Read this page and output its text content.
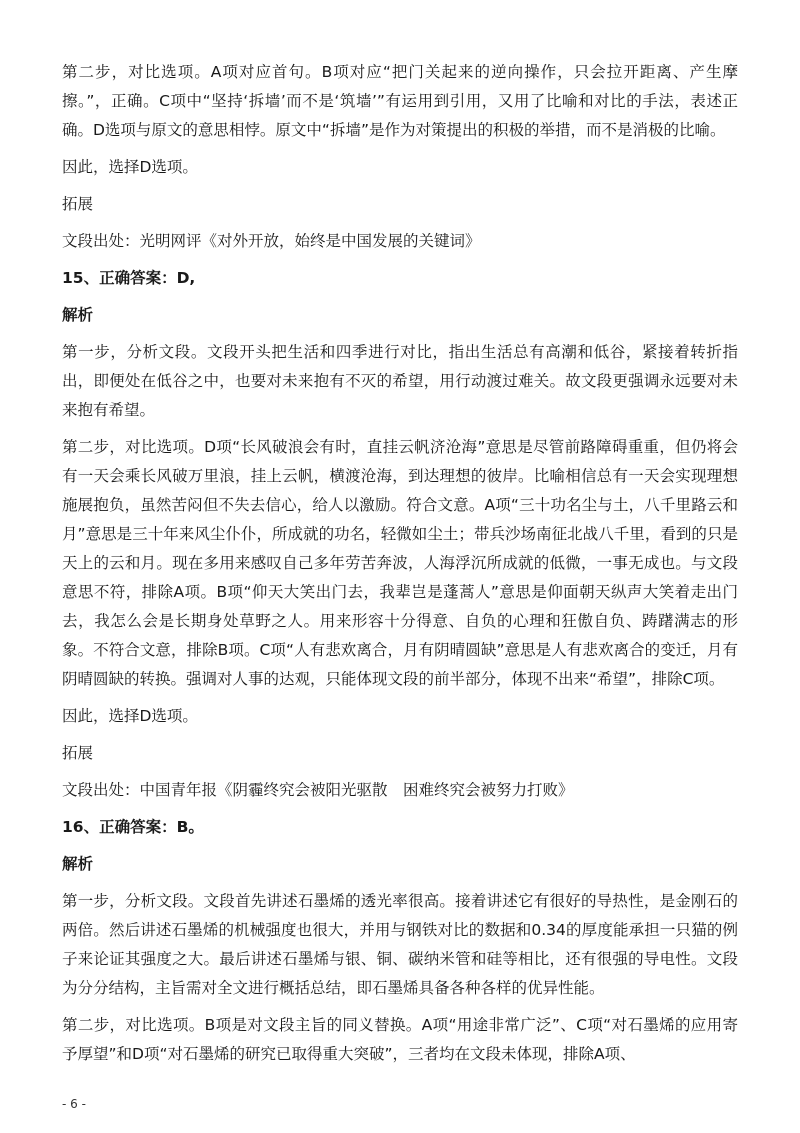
第二步，对比选项。A项对应首句。B项对应“把门关起来的逆向操作，只会拉开距离、产生摩擦。”，正确。C项中“坚持‘拆墙’而不是‘筑墙’”有运用到引用，又用了比喻和对比的手法，表述正确。D选项与原文的意思相悖。原文中“拆墙”是作为对策提出的积极的举措，而不是消极的比喻。

因此，选择D选项。

拓展

文段出处：光明网评《对外开放，始终是中国发展的关键词》

15、正确答案：D,

解析

第一步，分析文段。文段开头把生活和四季进行对比，指出生活总有高潮和低谷，紧接着转折指出，即便处在低谷之中，也要对未来抱有不灭的希望，用行动渡过难关。故文段更强调永远要对未来抱有希望。

第二步，对比选项。D项“长风破浪会有时，直挂云帆济沧海”意思是尽管前路障碍重重，但仍将会有一天会乘长风破万里浪，挂上云帆，横渡沧海，到达理想的彼岸。比喻相信总有一天会实现理想施展抱负，虽然苦闷但不失去信心，给人以激励。符合文意。A项“三十功名尘与土，八千里路云和月”意思是三十年来风尘仆仆，所成就的功名，轻微如尘土；带兵沙场南征北战八千里，看到的只是天上的云和月。现在多用来感叹自己多年劳苦奔波，人海浮沉所成就的低微，一事无成也。与文段意思不符，排除A项。B项“仰天大笑出门去，我辈岂是蓬蒿人”意思是仰面朝天纵声大笑着走出门去，我怎么会是长期身处草野之人。用来形容十分得意、自负的心理和狂傲自负、踌躇满志的形象。不符合文意，排除B项。C项“人有悲欢离合，月有阴晴圆缺”意思是人有悲欢离合的变迁，月有阴晴圆缺的转换。强调对人事的达观，只能体现文段的前半部分，体现不出来“希望”，排除C项。

因此，选择D选项。

拓展

文段出处：中国青年报《阴霾终究会被阳光驱散　困难终究会被努力打败》

16、正确答案：B。

解析

第一步，分析文段。文段首先讲述石墨烯的透光率很高。接着讲述它有很好的导热性，是金刚石的两倍。然后讲述石墨烯的机械强度也很大，并用与钢铁对比的数据和0.34的厚度能承担一只猫的例子来论证其强度之大。最后讲述石墨烯与银、铜、碳纳米管和硅等相比，还有很强的导电性。文段为分分结构，主旨需对全文进行概括总结，即石墨烯具备各种各样的优异性能。

第二步，对比选项。B项是对文段主旨的同义替换。A项“用途非常广泛”、C项“对石墨烯的应用寄予厚望”和D项“对石墨烯的研究已取得重大突破”，三者均在文段未体现，排除A项、

- 6 -
